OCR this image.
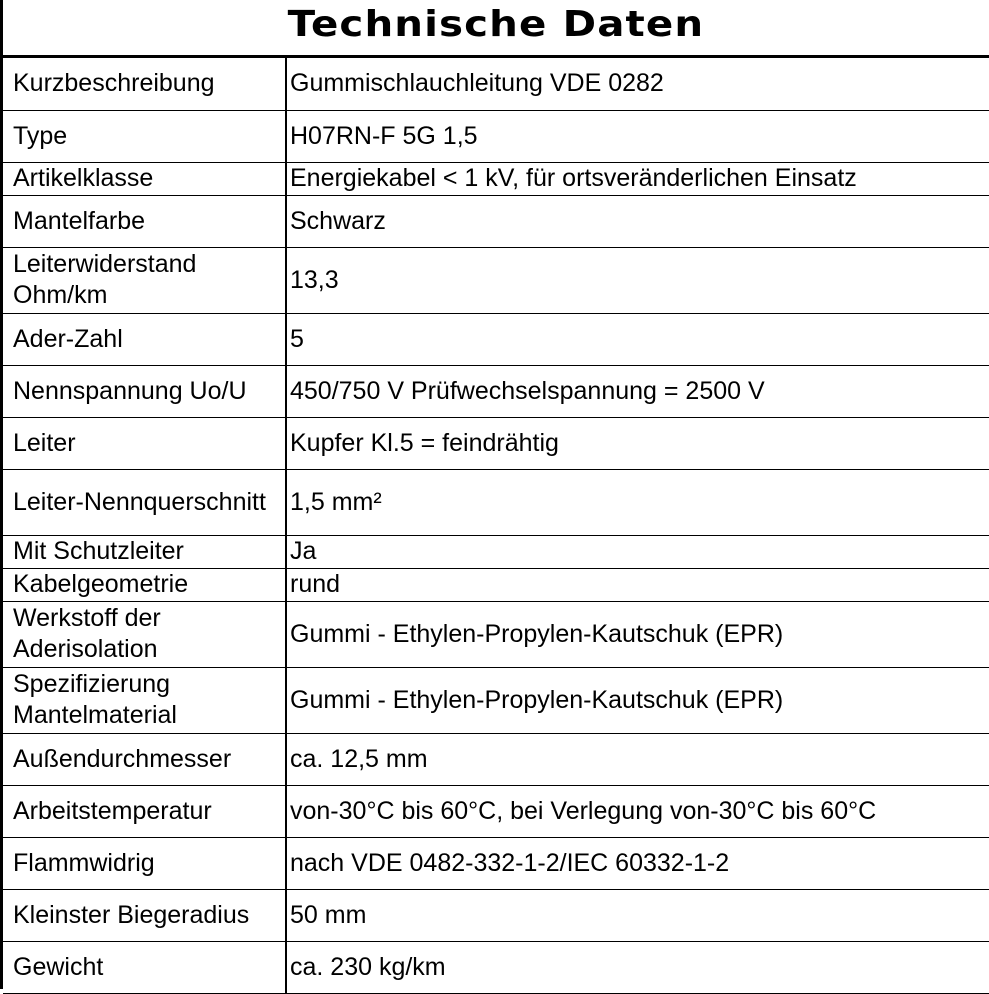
Technische Daten
Kurzbeschreibung	Gummischlauchleitung VDE 0282
Type	H07RN-F 5G 1,5
Artikelklasse	Energiekabel < 1 kV, für ortsveränderlichen Einsatz
Mantelfarbe	Schwarz
Leiterwiderstand Ohm/km	13,3
Ader-Zahl	5
Nennspannung Uo/U	450/750 V Prüfwechselspannung = 2500 V
Leiter	Kupfer Kl.5 = feindrähtig
Leiter-Nennquerschnitt	1,5 mm²
Mit Schutzleiter	Ja
Kabelgeometrie	rund
Werkstoff der Aderisolation	Gummi - Ethylen-Propylen-Kautschuk (EPR)
Spezifizierung Mantelmaterial	Gummi - Ethylen-Propylen-Kautschuk (EPR)
Außendurchmesser	ca. 12,5 mm
Arbeitstemperatur	von-30°C bis 60°C, bei Verlegung von-30°C bis 60°C
Flammwidrig	nach VDE 0482-332-1-2/IEC 60332-1-2
Kleinster Biegeradius	50 mm
Gewicht	ca. 230 kg/km
